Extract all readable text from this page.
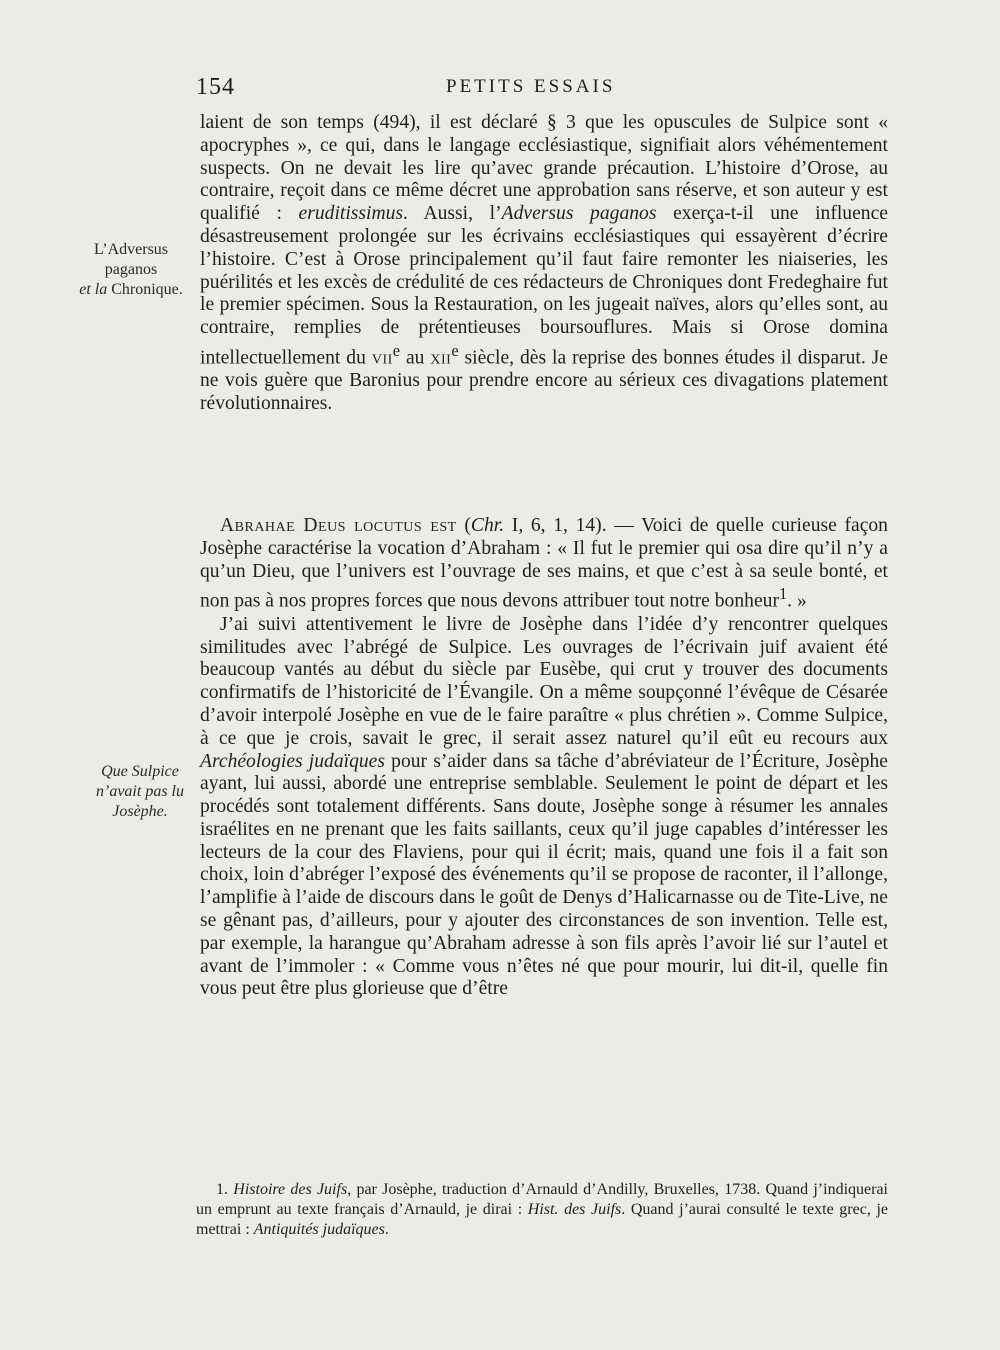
154	PETITS ESSAIS
L’Adversus
paganos
et la Chronique.
Que Sulpice
n’avait pas lu
Josèphe.

laient de son temps (494), il est déclaré § 3 que les opuscules de Sulpice sont « apocryphes », ce qui, dans le langage ecclésiastique, signifiait alors véhémentement suspects. On ne devait les lire qu’avec grande précaution. L’histoire d’Orose, au contraire, reçoit dans ce même décret une approbation sans réserve, et son auteur y est qualifié : eruditissimus. Aussi, l’Adversus paganos exerça-t-il une influence désastreusement prolongée sur les écrivains ecclésiastiques qui essayèrent d’écrire l’histoire. C’est à Orose principalement qu’il faut faire remonter les niaiseries, les puérilités et les excès de crédulité de ces rédacteurs de Chroniques dont Fredeghaire fut le premier spécimen. Sous la Restauration, on les jugeait naïves, alors qu’elles sont, au contraire, remplies de prétentieuses boursouflures. Mais si Orose domina intellectuellement du vii$^e$ au xii$^e$ siècle, dès la reprise des bonnes études il disparut. Je ne vois guère que Baronius pour prendre encore au sérieux ces divagations platement révolutionnaires.

Abrahae Deus locutus est (Chr. I, 6, 1, 14). — Voici de quelle curieuse façon Josèphe caractérise la vocation d’Abraham : « Il fut le premier qui osa dire qu’il n’y a qu’un Dieu, que l’univers est l’ouvrage de ses mains, et que c’est à sa seule bonté, et non pas à nos propres forces que nous devons attribuer tout notre bonheur$^1$. »

J’ai suivi attentivement le livre de Josèphe dans l’idée d’y rencontrer quelques similitudes avec l’abrégé de Sulpice. Les ouvrages de l’écrivain juif avaient été beaucoup vantés au début du siècle par Eusèbe, qui crut y trouver des documents confirmatifs de l’historicité de l’Évangile. On a même soupçonné l’évêque de Césarée d’avoir interpolé Josèphe en vue de le faire paraître « plus chrétien ». Comme Sulpice, à ce que je crois, savait le grec, il serait assez naturel qu’il eût eu recours aux Archéologies judaïques pour s’aider dans sa tâche d’abréviateur de l’Écriture, Josèphe ayant, lui aussi, abordé une entreprise semblable. Seulement le point de départ et les procédés sont totalement différents. Sans doute, Josèphe songe à résumer les annales israélites en ne prenant que les faits saillants, ceux qu’il juge capables d’intéresser les lecteurs de la cour des Flaviens, pour qui il écrit; mais, quand une fois il a fait son choix, loin d’abréger l’exposé des événements qu’il se propose de raconter, il l’allonge, l’amplifie à l’aide de discours dans le goût de Denys d’Halicarnasse ou de Tite-Live, ne se gênant pas, d’ailleurs, pour y ajouter des circonstances de son invention. Telle est, par exemple, la harangue qu’Abraham adresse à son fils après l’avoir lié sur l’autel et avant de l’immoler : « Comme vous n’êtes né que pour mourir, lui dit-il, quelle fin vous peut être plus glorieuse que d’être

1. Histoire des Juifs, par Josèphe, traduction d’Arnauld d’Andilly, Bruxelles, 1738. Quand j’indiquerai un emprunt au texte français d’Arnauld, je dirai : Hist. des Juifs. Quand j’aurai consulté le texte grec, je mettrai : Antiquités judaïques.
